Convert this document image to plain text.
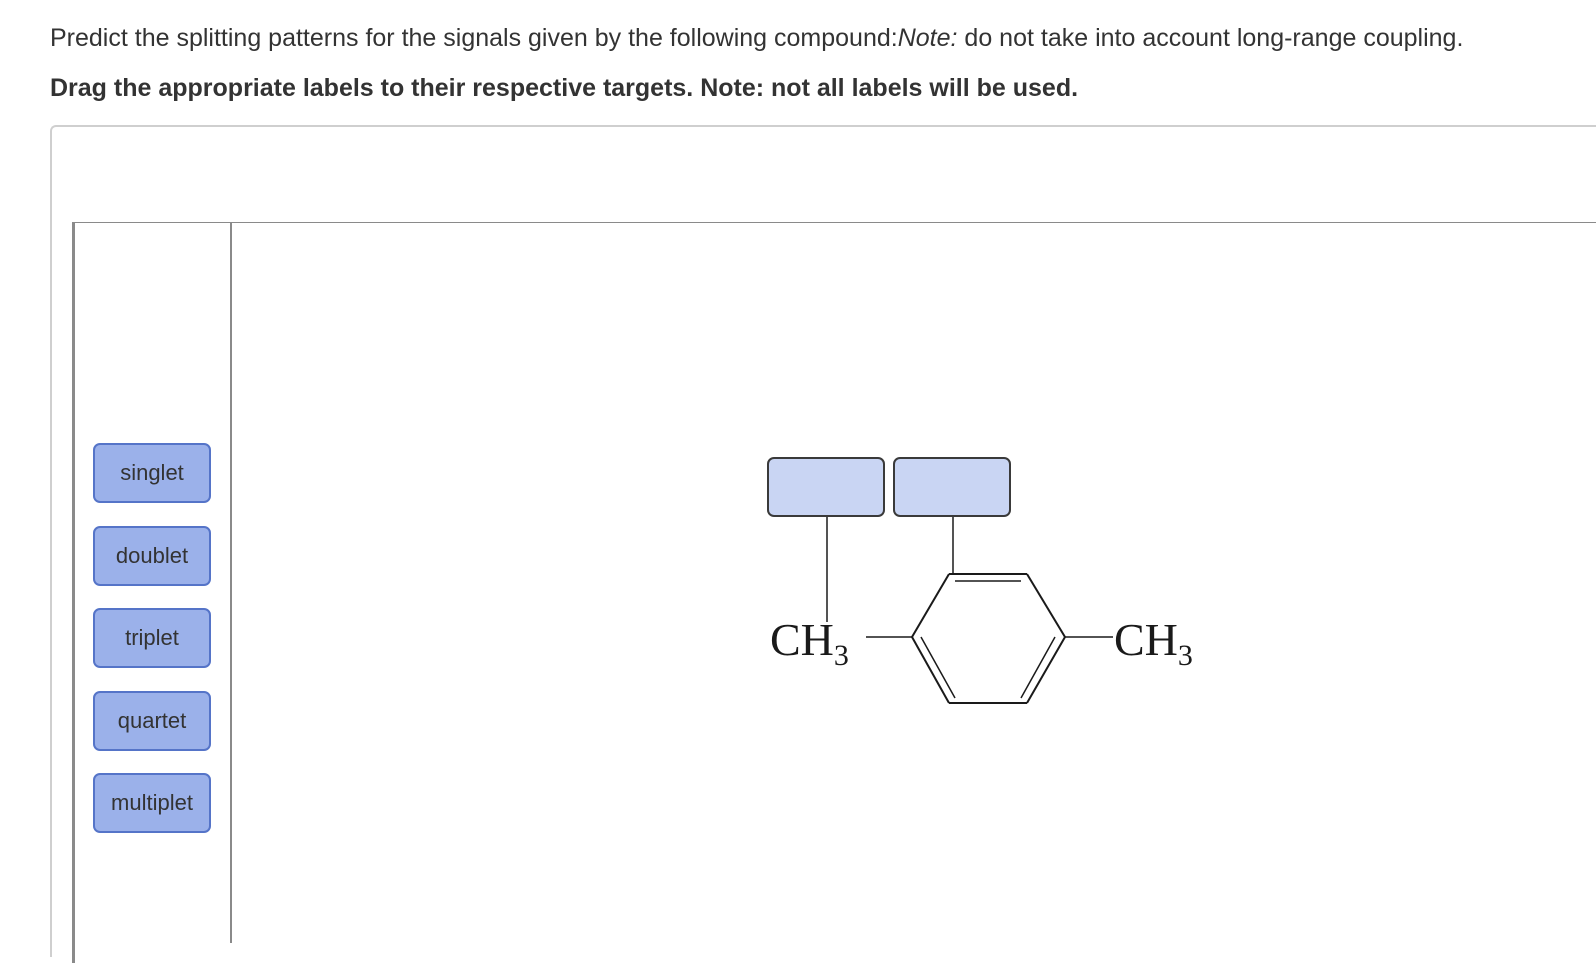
Predict the splitting patterns for the signals given by the following compound:Note: do not take into account long-range coupling.
Drag the appropriate labels to their respective targets. Note: not all labels will be used.
singlet
doublet
triplet
quartet
multiplet
$CH_3$	$CH_3$
